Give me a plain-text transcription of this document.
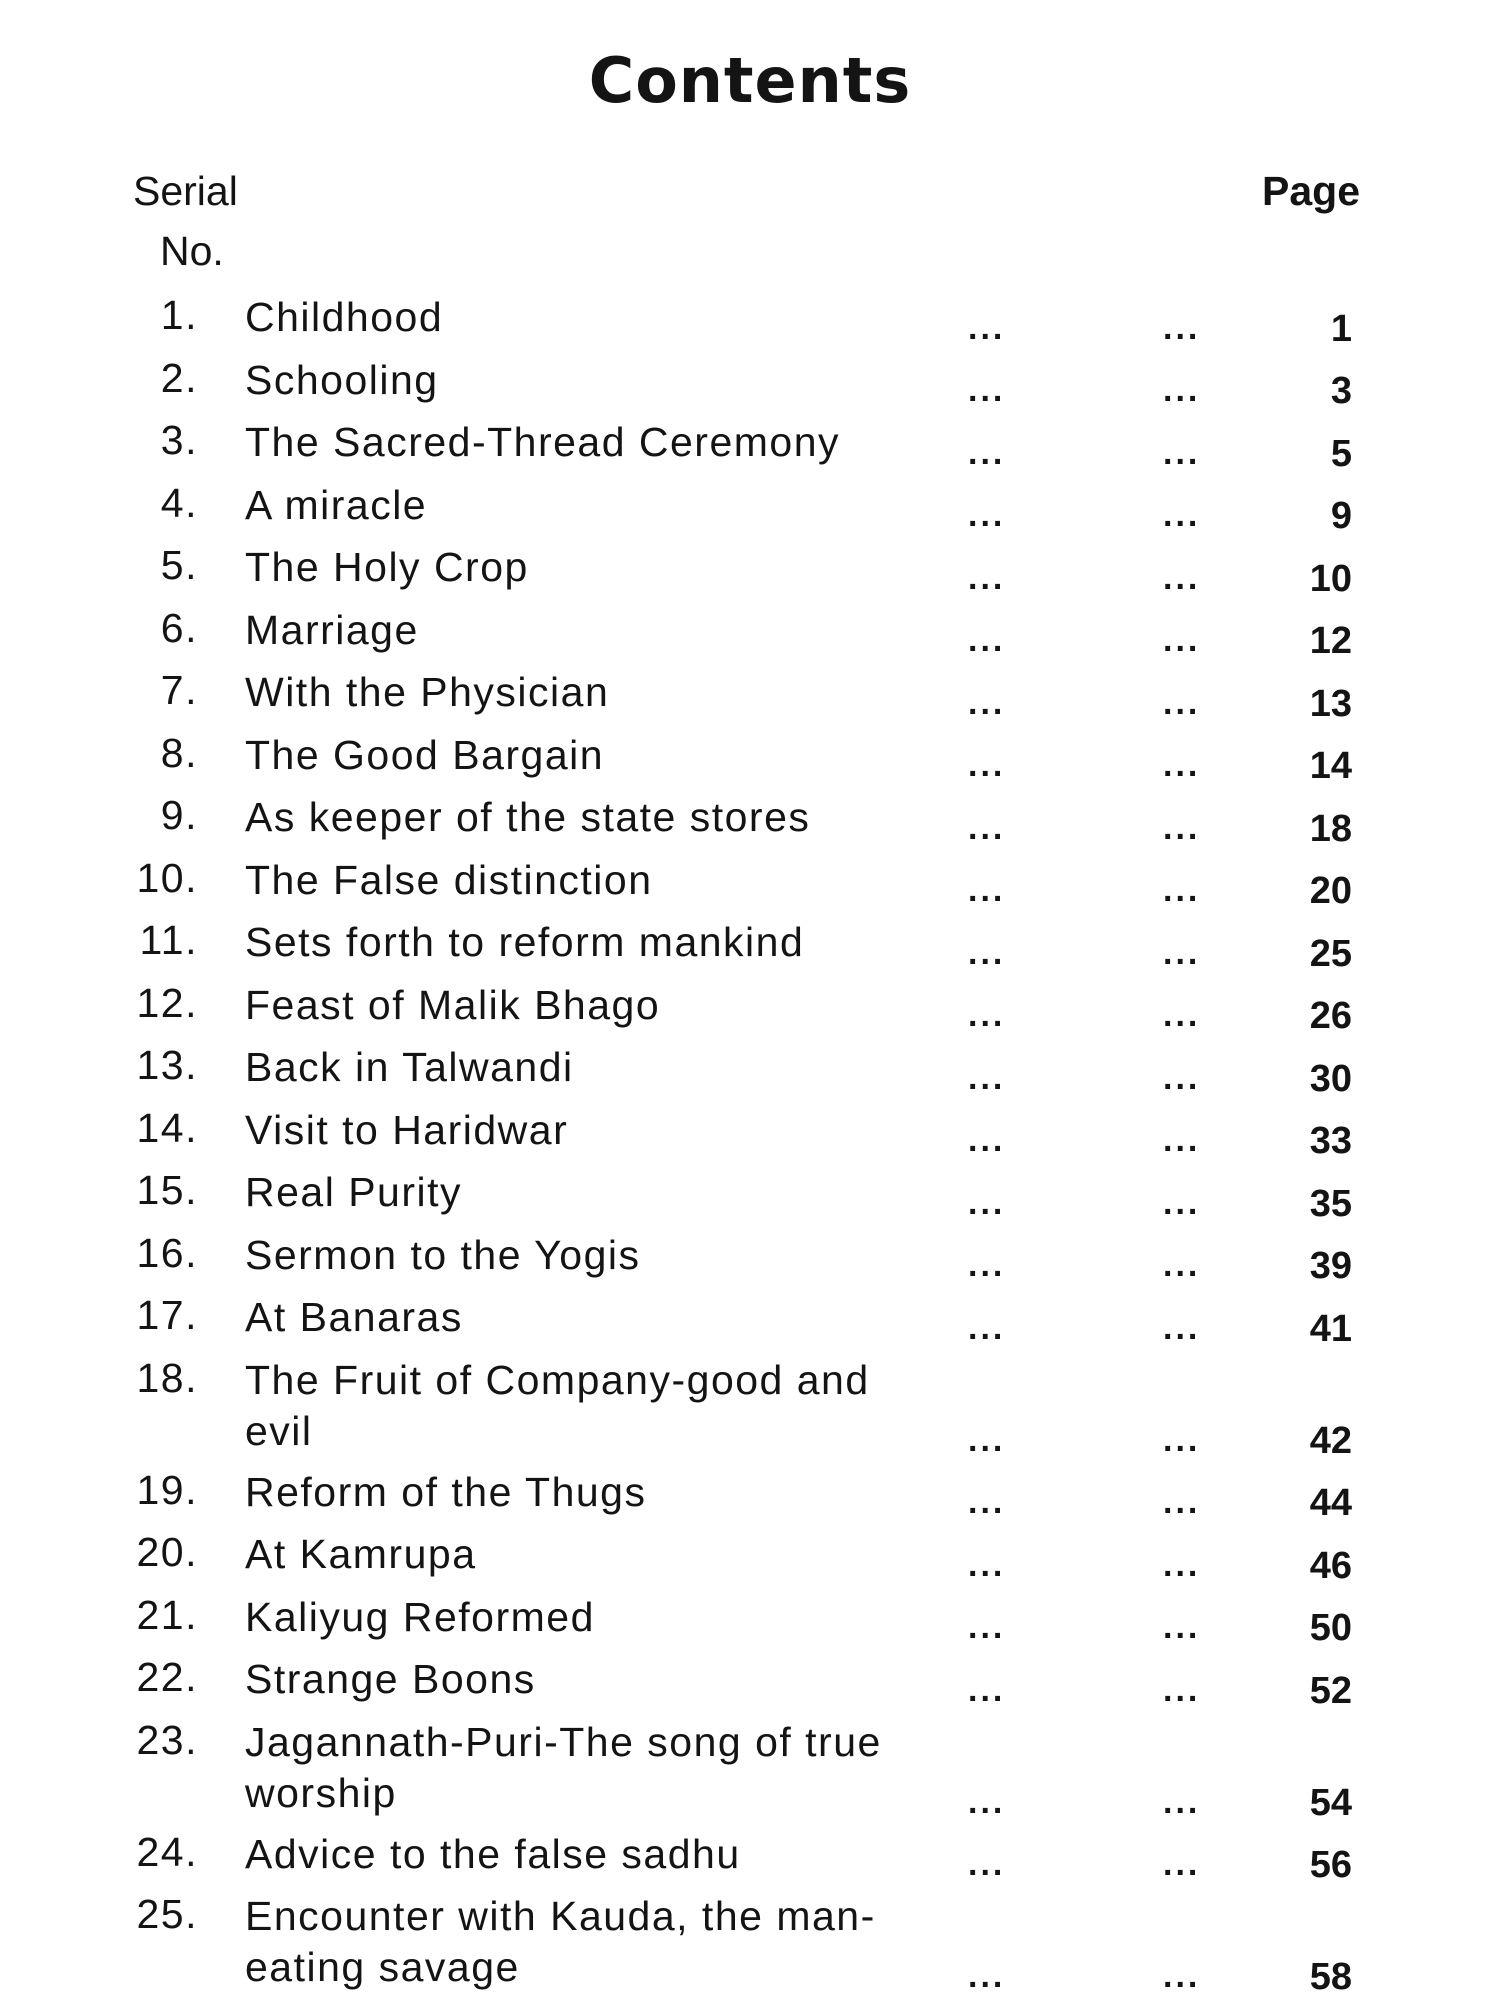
Contents
Serial
No.
Page
1. Childhood	...	...	1
2. Schooling	...	...	3
3. The Sacred-Thread Ceremony	...	...	5
4. A miracle	...	...	9
5. The Holy Crop	...	...	10
6. Marriage	...	...	12
7. With the Physician	...	...	13
8. The Good Bargain	...	...	14
9. As keeper of the state stores	...	...	18
10. The False distinction	...	...	20
11. Sets forth to reform mankind	...	...	25
12. Feast of Malik Bhago	...	...	26
13. Back in Talwandi	...	...	30
14. Visit to Haridwar	...	...	33
15. Real Purity	...	...	35
16. Sermon to the Yogis	...	...	39
17. At Banaras	...	...	41
18. The Fruit of Company-good and evil	...	...	42
19. Reform of the Thugs	...	...	44
20. At Kamrupa	...	...	46
21. Kaliyug Reformed	...	...	50
22. Strange Boons	...	...	52
23. Jagannath-Puri-The song of true worship	...	...	54
24. Advice to the false sadhu	...	...	56
25. Encounter with Kauda, the man-eating savage	...	...	58
